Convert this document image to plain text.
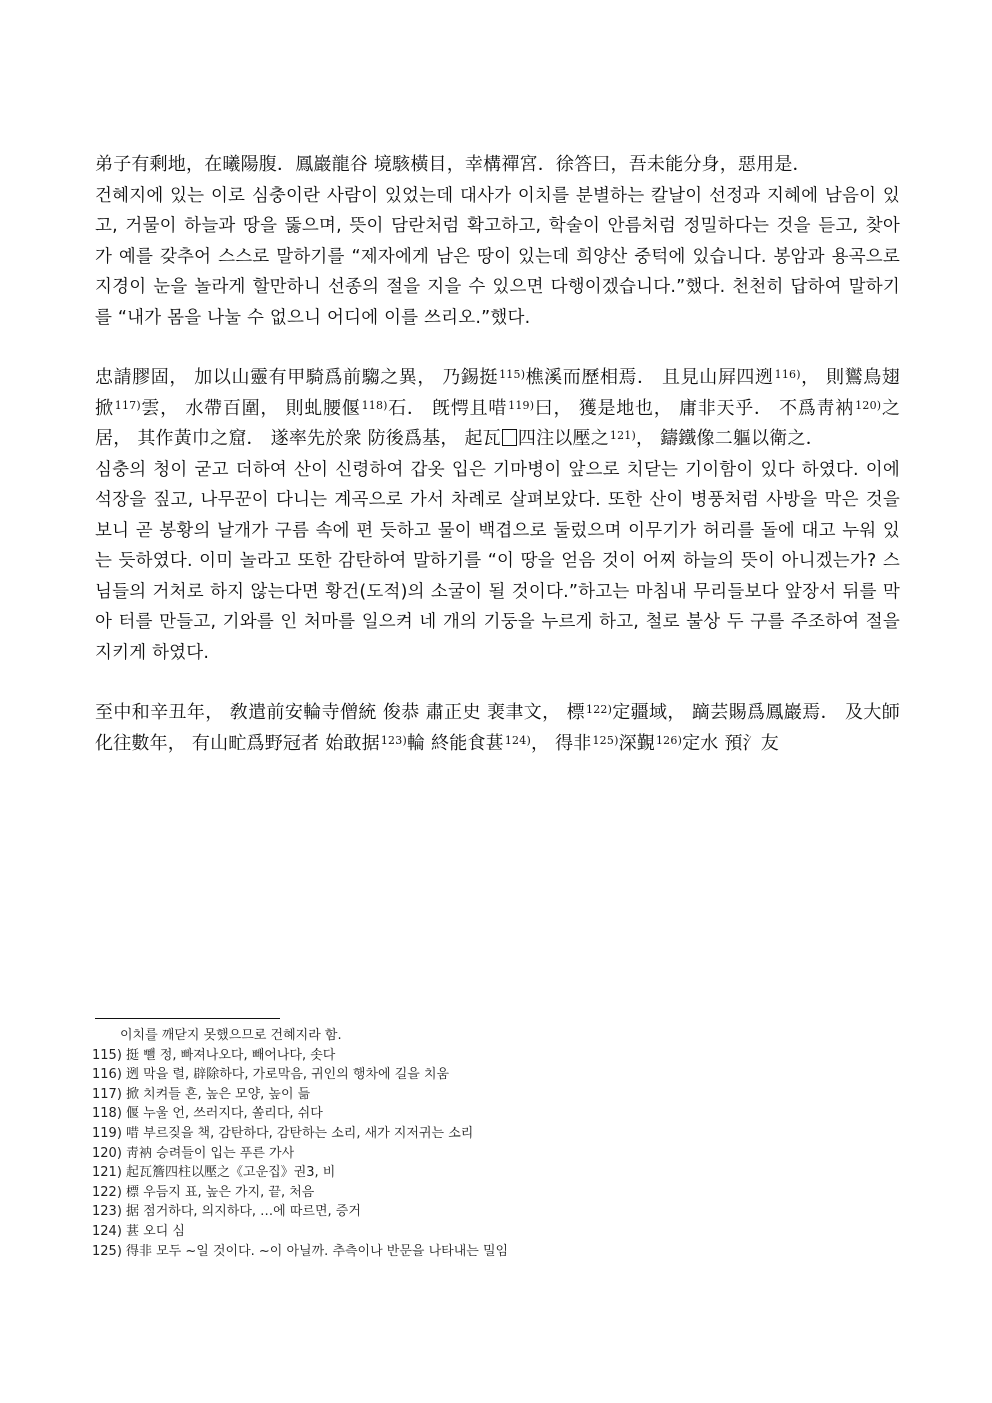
弟子有剩地，在曦陽腹．鳳巖龍谷 境駭橫目，幸構禪宮．徐答曰，吾未能分身，惡用是．

건혜지에 있는 이로 심충이란 사람이 있었는데 대사가 이치를 분별하는 칼날이 선정과 지혜에 남음이 있고, 거물이 하늘과 땅을 뚫으며, 뜻이 담란처럼 확고하고, 학술이 안름처럼 정밀하다는 것을 듣고, 찾아 가 예를 갖추어 스스로 말하기를 “제자에게 남은 땅이 있는데 희양산 중턱에 있습니다. 봉암과 용곡으로 지경이 눈을 놀라게 할만하니 선종의 절을 지을 수 있으면 다행이겠습니다.”했다. 천천히 답하여 말하기를 “내가 몸을 나눌 수 없으니 어디에 이를 쓰리오.”했다.

忠請膠固， 加以山靈有甲騎爲前騶之異， 乃錫挺$^{115)}$樵溪而歷相焉． 且見山屛四迾$^{116)}$， 則鸑鳥翅掀$^{117)}$雲， 水帶百圍， 則虬腰偃$^{118)}$石． 旣愕且唶$^{119)}$曰， 獲是地也， 庸非天乎． 不爲靑衲$^{120)}$之居， 其作黃巾之窟． 遂率先於衆 防後爲基， 起瓦 四注以壓之$^{121)}$， 鑄鐵像二軀以衛之．

심충의 청이 굳고 더하여 산이 신령하여 갑옷 입은 기마병이 앞으로 치닫는 기이함이 있다 하였다. 이에 석장을 짚고, 나무꾼이 다니는 계곡으로 가서 차례로 살펴보았다. 또한 산이 병풍처럼 사방을 막은 것을 보니 곧 봉황의 날개가 구름 속에 편 듯하고 물이 백겹으로 둘렀으며 이무기가 허리를 돌에 대고 누워 있는 듯하였다. 이미 놀라고 또한 감탄하여 말하기를 “이 땅을 얻음 것이 어찌 하늘의 뜻이 아니겠는가? 스님들의 거처로 하지 않는다면 황건(도적)의 소굴이 될 것이다.”하고는 마침내 무리들보다 앞장서 뒤를 막아 터를 만들고, 기와를 인 처마를 일으켜 네 개의 기둥을 누르게 하고, 철로 불상 두 구를 주조하여 절을 지키게 하였다.

至中和辛丑年， 敎遣前安輪寺僧統 俊恭 肅正史 裵聿文， 標$^{122)}$定疆域， 蹢芸賜爲鳳巖焉． 及大師化往數年， 有山甿爲野冠者 始敢据$^{123)}$輪 終能食葚$^{124)}$， 得非$^{125)}$深覲$^{126)}$定水 預氵友

이치를 깨닫지 못했으므로 건혜지라 함.
115) 挺 뺄 정, 빠져나오다, 빼어나다, 솟다
116) 迾 막을 렬, 辟除하다, 가로막음, 귀인의 행차에 길을 치움
117) 掀 치켜들 흔, 높은 모양, 높이 듦
118) 偃 누울 언, 쓰러지다, 쏠리다, 쉬다
119) 唶 부르짖을 책, 감탄하다, 감탄하는 소리, 새가 지저귀는 소리
120) 靑衲 승려들이 입는 푸른 가사
121) 起瓦簷四柱以壓之《고운집》권3, 비
122) 標 우듬지 표, 높은 가지, 끝, 처음
123) 据 점거하다, 의지하다, …에 따르면, 증거
124) 葚 오디 심
125) 得非 모두 ~일 것이다. ~이 아닐까. 추측이나 반문을 나타내는 밀임
